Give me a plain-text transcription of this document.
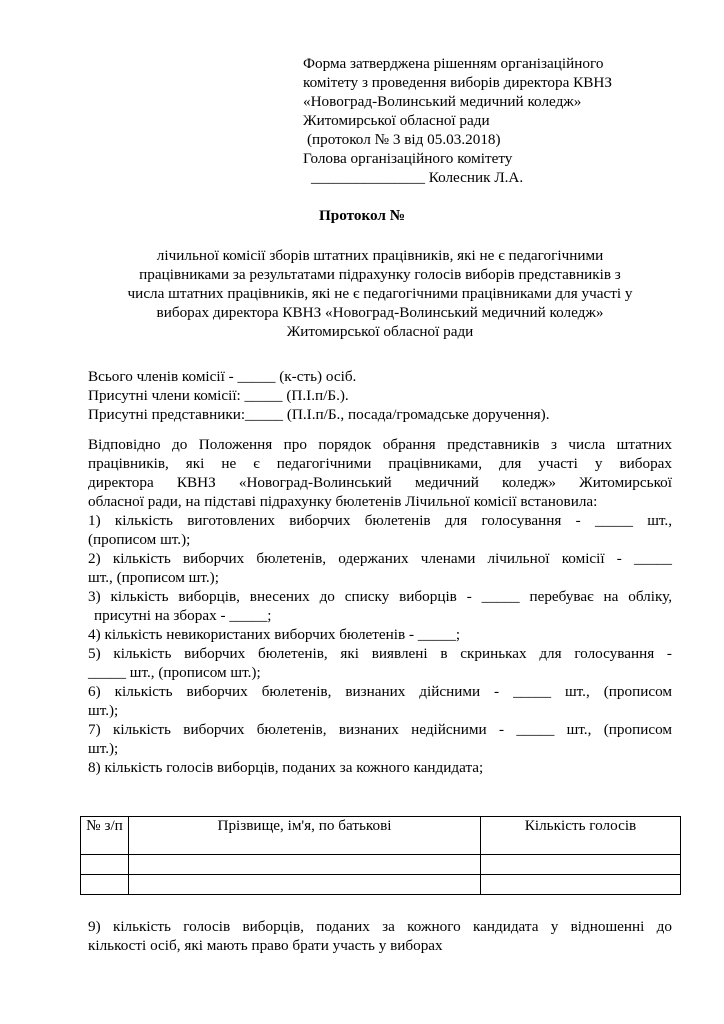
Форма затверджена рішенням організаційного
комітету з проведення виборів директора КВНЗ
«Новоград-Волинський медичний коледж»
Житомирської обласної ради
(протокол № 3 від 05.03.2018)
Голова організаційного комітету
_______________ Колесник Л.А.
Протокол №
лічильної комісії зборів штатних працівників, які не є педагогічними
працівниками за результатами підрахунку голосів виборів представників з
числа штатних працівників, які не є педагогічними працівниками для участі у
виборах директора КВНЗ «Новоград-Волинський медичний коледж»
Житомирської обласної ради
Всього членів комісії - _____ (к-сть) осіб.
Присутні члени комісії: _____ (П.І.п/Б.).
Присутні представники:_____ (П.І.п/Б., посада/громадське доручення).
Відповідно до Положення про порядок обрання представників з числа штатних
працівників, які не є педагогічними працівниками, для участі у виборах
директора КВНЗ «Новоград-Волинський медичний коледж» Житомирської
обласної ради, на підставі підрахунку бюлетенів Лічильної комісії встановила:
1) кількість виготовлених виборчих бюлетенів для голосування - _____ шт.,
(прописом шт.);
2) кількість виборчих бюлетенів, одержаних членами лічильної комісії - _____
шт., (прописом шт.);
3) кількість виборців, внесених до списку виборців - _____ перебуває на обліку,
присутні на зборах - _____;
4) кількість невикористаних виборчих бюлетенів - _____;
5) кількість виборчих бюлетенів, які виявлені в скриньках для голосування -
_____ шт., (прописом шт.);
6) кількість виборчих бюлетенів, визнаних дійсними - _____ шт., (прописом
шт.);
7) кількість виборчих бюлетенів, визнаних недійсними - _____ шт., (прописом
шт.);
8) кількість голосів виборців, поданих за кожного кандидата;
№ з/п	Прізвище, ім'я, по батькові	Кількість голосів

9) кількість голосів виборців, поданих за кожного кандидата у відношенні до
кількості осіб, які мають право брати участь у виборах
